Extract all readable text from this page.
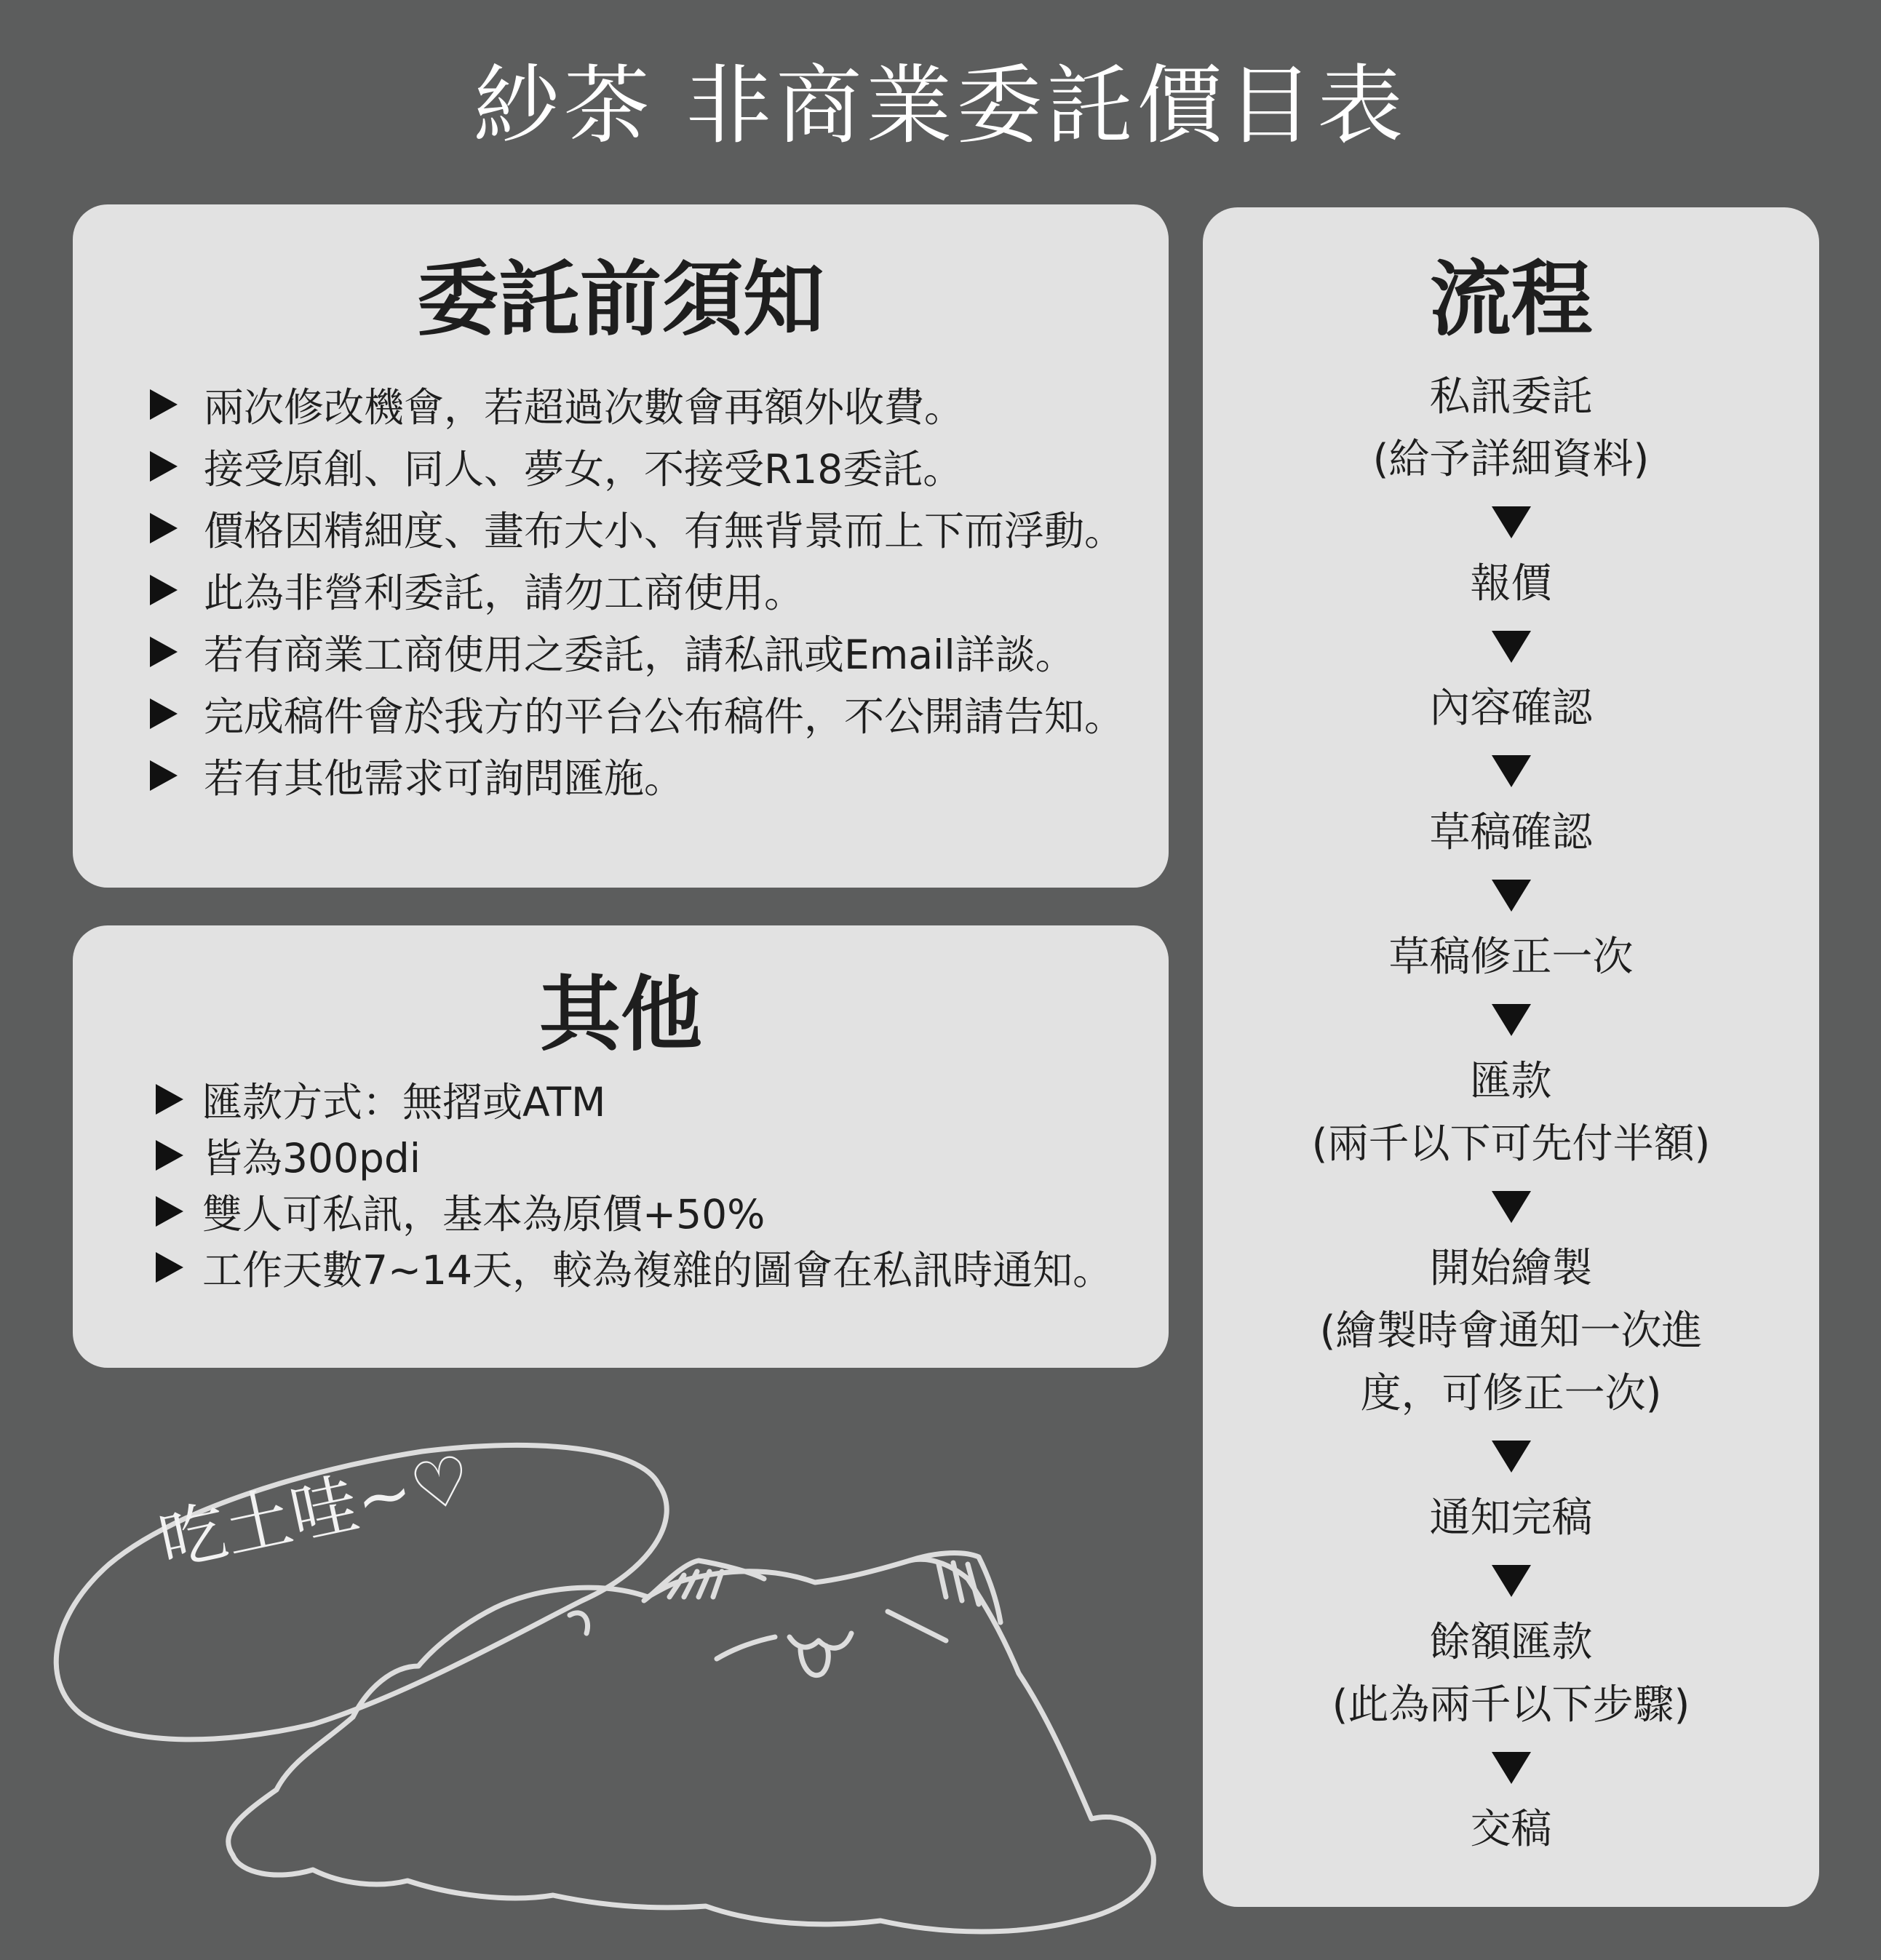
紗茶 非商業委託價目表
委託前須知
兩次修改機會，若超過次數會再額外收費。
接受原創、同人、夢女，不接受R18委託。
價格因精細度、畫布大小、有無背景而上下而浮動。
此為非營利委託，請勿工商使用。
若有商業工商使用之委託，請私訊或Email詳談。
完成稿件會於我方的平台公布稿件，不公開請告知。
若有其他需求可詢問匯施。
其他
匯款方式：無摺或ATM
皆為300pdi
雙人可私訊，基本為原價+50%
工作天數7~14天，較為複雜的圖會在私訊時通知。
流程
私訊委託
(給予詳細資料)
報價
內容確認
草稿確認
草稿修正一次
匯款
(兩千以下可先付半額)
開始繪製
(繪製時會通知一次進
度，可修正一次)
通知完稿
餘額匯款
(此為兩千以下步驟)
交稿
吃土哇~♡
